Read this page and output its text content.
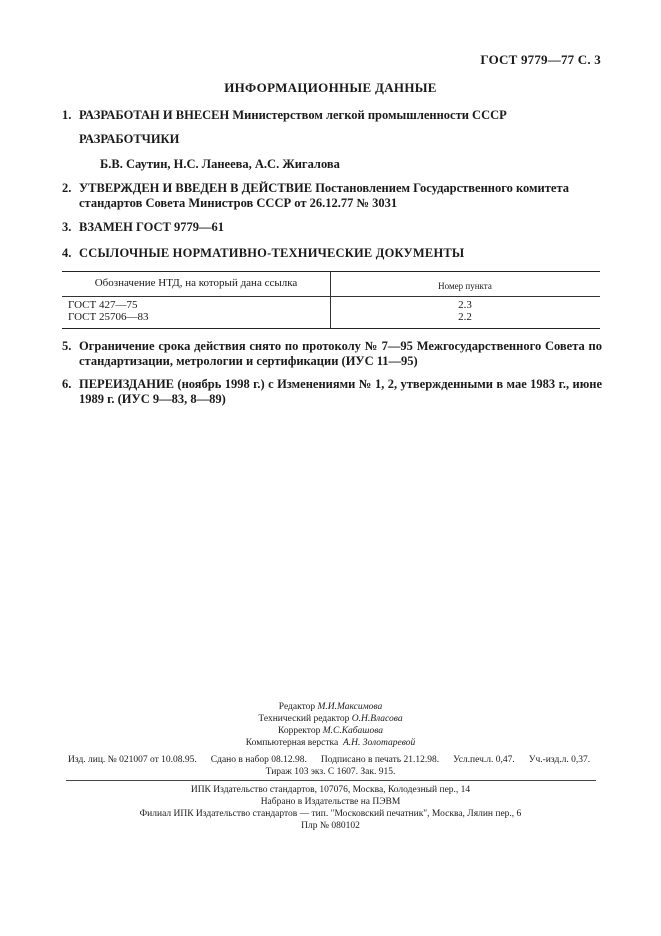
ГОСТ 9779—77 С. 3
ИНФОРМАЦИОННЫЕ ДАННЫЕ
1. РАЗРАБОТАН И ВНЕСЕН Министерством легкой промышленности СССР
РАЗРАБОТЧИКИ
Б.В. Саутин, Н.С. Ланеева, А.С. Жигалова
2. УТВЕРЖДЕН И ВВЕДЕН В ДЕЙСТВИЕ Постановлением Государственного комитета стандартов Совета Министров СССР от 26.12.77 № 3031
3. ВЗАМЕН ГОСТ 9779—61
4. ССЫЛОЧНЫЕ НОРМАТИВНО-ТЕХНИЧЕСКИЕ ДОКУМЕНТЫ
Обозначение НТД, на который дана ссылка	Номер пункта
ГОСТ 427—75	2.3
ГОСТ 25706—83	2.2
5. Ограничение срока действия снято по протоколу № 7—95 Межгосударственного Совета по стандартизации, метрологии и сертификации (ИУС 11—95)
6. ПЕРЕИЗДАНИЕ (ноябрь 1998 г.) с Изменениями № 1, 2, утвержденными в мае 1983 г., июне 1989 г. (ИУС 9—83, 8—89)
Редактор М.И.Максимова
Технический редактор О.Н.Власова
Корректор М.С.Кабашова
Компьютерная верстка А.Н. Золотаревой
Изд. лиц. № 021007 от 10.08.95. Сдано в набор 08.12.98. Подписано в печать 21.12.98. Усл.печ.л. 0,47. Уч.-изд.л. 0,37.
Тираж 103 экз. С 1607. Зак. 915.
ИПК Издательство стандартов, 107076, Москва, Колодезный пер., 14
Набрано в Издательстве на ПЭВМ
Филиал ИПК Издательство стандартов — тип. "Московский печатник", Москва, Лялин пер., 6
Плр № 080102
